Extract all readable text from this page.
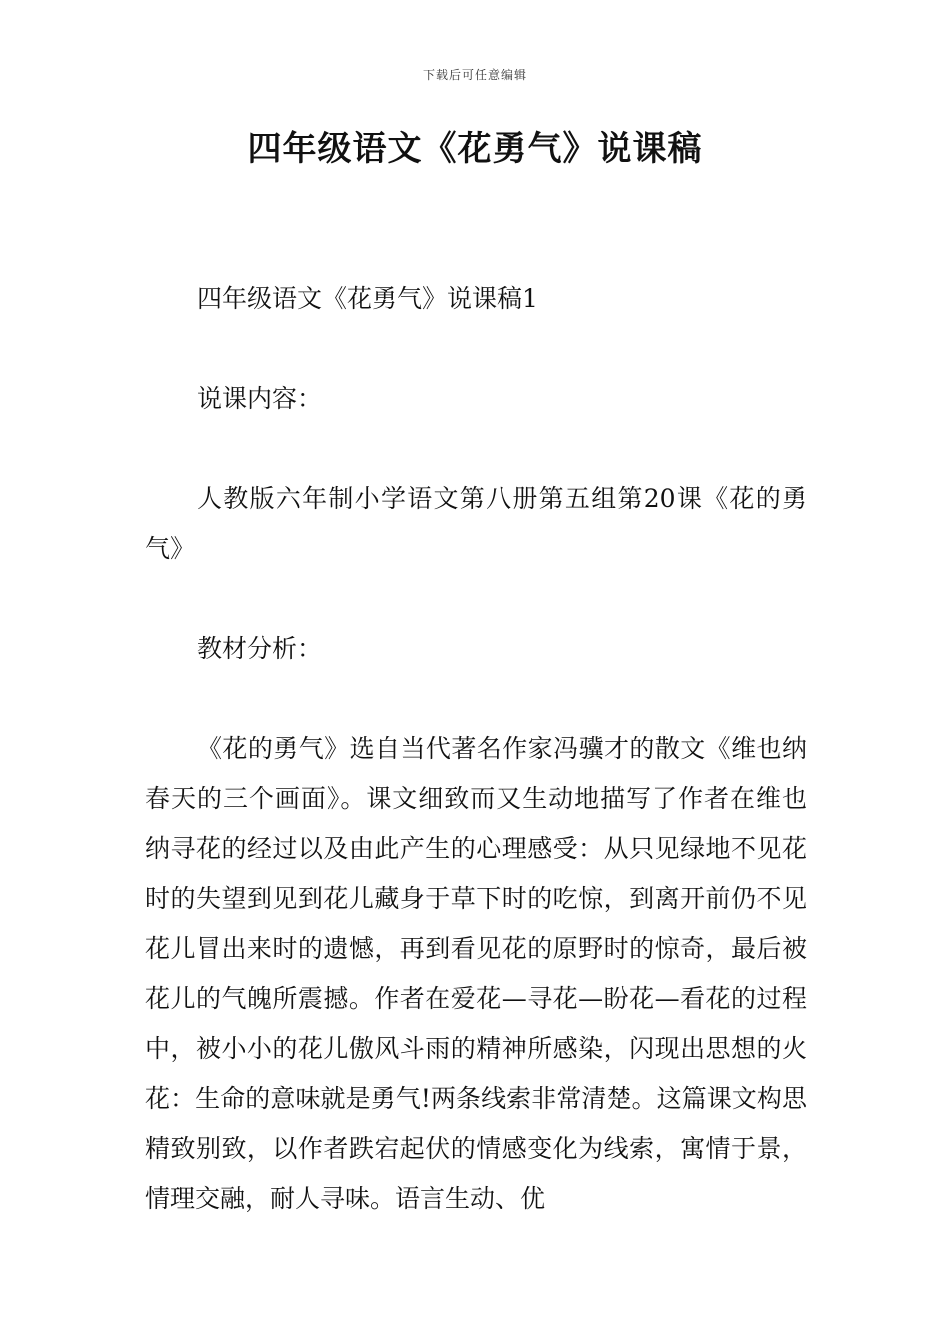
下载后可任意编辑
四年级语文《花勇气》说课稿

四年级语文《花勇气》说课稿1

说课内容：

人教版六年制小学语文第八册第五组第20课《花的勇气》

教材分析：

《花的勇气》选自当代著名作家冯骥才的散文《维也纳春天的三个画面》。课文细致而又生动地描写了作者在维也纳寻花的经过以及由此产生的心理感受：从只见绿地不见花时的失望到见到花儿藏身于草下时的吃惊，到离开前仍不见花儿冒出来时的遗憾，再到看见花的原野时的惊奇，最后被花儿的气魄所震撼。作者在爱花—寻花—盼花—看花的过程中，被小小的花儿傲风斗雨的精神所感染，闪现出思想的火花：生命的意味就是勇气!两条线索非常清楚。这篇课文构思精致别致，以作者跌宕起伏的情感变化为线索，寓情于景，情理交融，耐人寻味。语言生动、优
